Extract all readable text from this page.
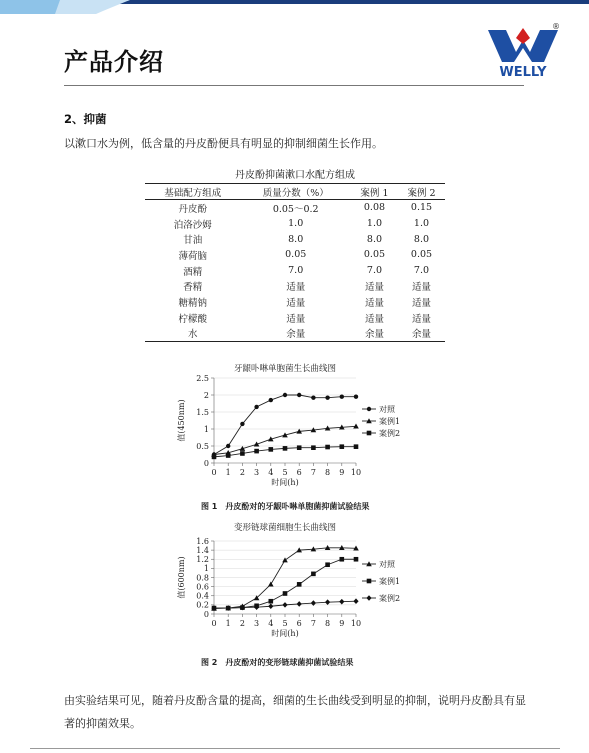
产品介绍	WELLY
®
2、抑菌
以漱口水为例，低含量的丹皮酚便具有明显的抑制细菌生长作用。
丹皮酚抑菌漱口水配方组成
基础配方组成	质量分数（%）	案例 1	案例 2
丹皮酚	0.05～0.2	0.08	0.15
泊洛沙姆	1.0	1.0	1.0
甘油	8.0	8.0	8.0
薄荷脑	0.05	0.05	0.05
酒精	7.0	7.0	7.0
香精	适量	适量	适量
糖精钠	适量	适量	适量
柠檬酸	适量	适量	适量
水	余量	余量	余量
牙龈卟啉单胞菌生长曲线图
0
0.5
1
1.5
2
2.5
0 1 2 3 4 5 6 7 8 9 10
时间(h)
值(450nm)	对照
案例1
案例2
图 1　丹皮酚对的牙龈卟啉单胞菌抑菌试验结果
变形链球菌细胞生长曲线图
0
0.2
0.4
0.6
0.8
1
1.2
1.4
1.6
0 1 2 3 4 5 6 7 8 9 10
时间(h)
值(600nm)	对照
案例1
案例2
图 2　丹皮酚对的变形链球菌抑菌试验结果
由实验结果可见，随着丹皮酚含量的提高，细菌的生长曲线受到明显的抑制，说明丹皮酚具有显著的抑菌效果。
